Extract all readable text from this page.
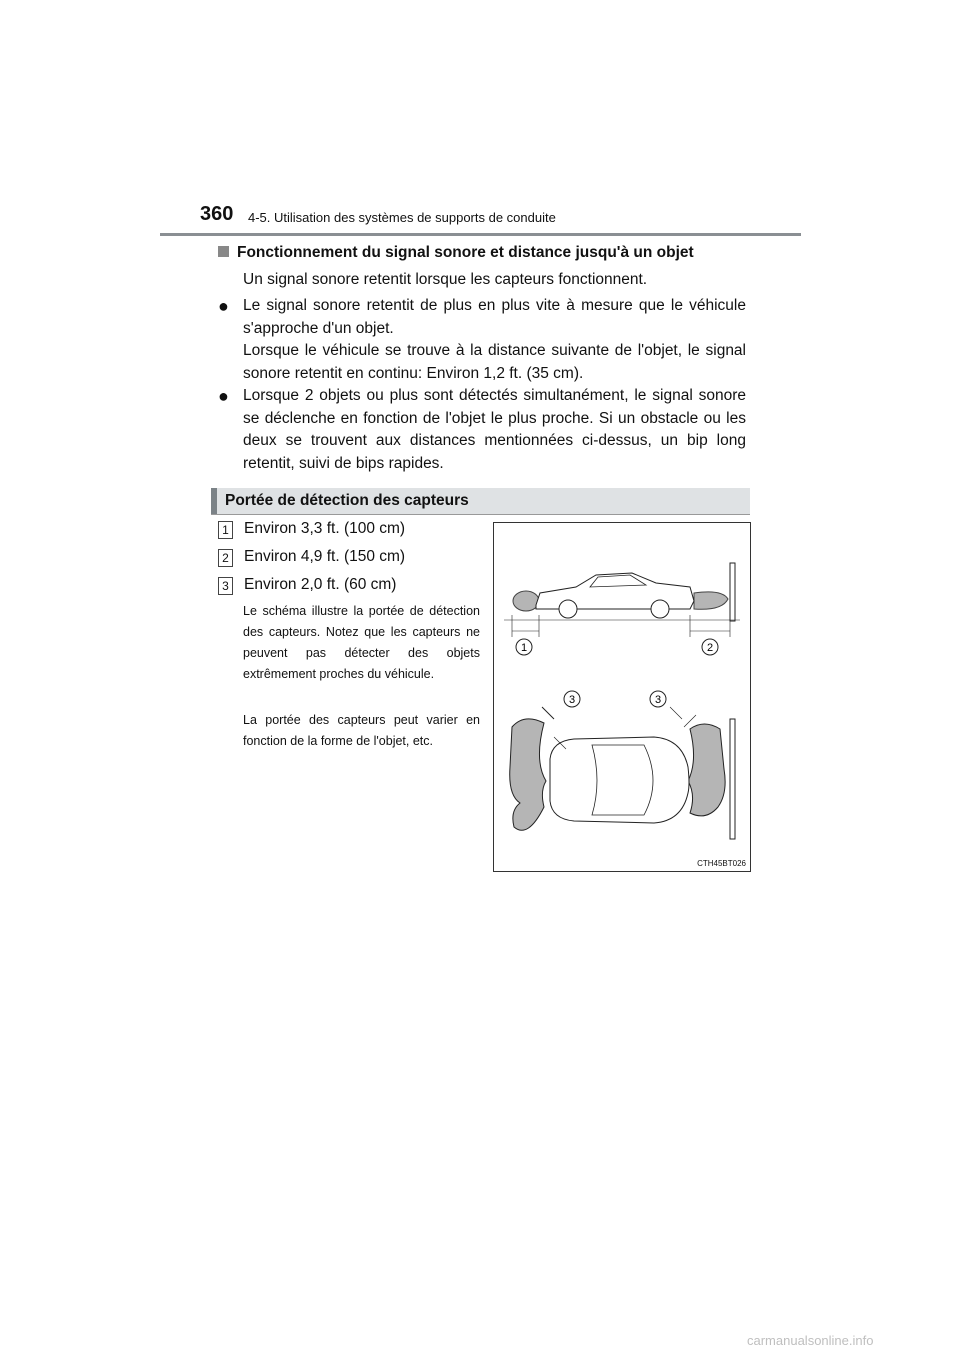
360 4-5. Utilisation des systèmes de supports de conduite
Fonctionnement du signal sonore et distance jusqu'à un objet
Un signal sonore retentit lorsque les capteurs fonctionnent.
● Le signal sonore retentit de plus en plus vite à mesure que le véhicule s'approche d'un objet.

Lorsque le véhicule se trouve à la distance suivante de l'objet, le signal sonore retentit en continu: Environ 1,2 ft. (35 cm).

● Lorsque 2 objets ou plus sont détectés simultanément, le signal sonore se déclenche en fonction de l'objet le plus proche. Si un obstacle ou les deux se trouvent aux distances mentionnées ci-dessus, un bip long retentit, suivi de bips rapides.

Portée de détection des capteurs
1 Environ 3,3 ft. (100 cm)
2 Environ 4,9 ft. (150 cm)
3 Environ 2,0 ft. (60 cm)
Le schéma illustre la portée de détection des capteurs. Notez que les capteurs ne peuvent pas détecter des objets extrêmement proches du véhicule.
La portée des capteurs peut varier en fonction de la forme de l'objet, etc.
1	2
3	3
CTH45BT026
carmanualsonline.info
